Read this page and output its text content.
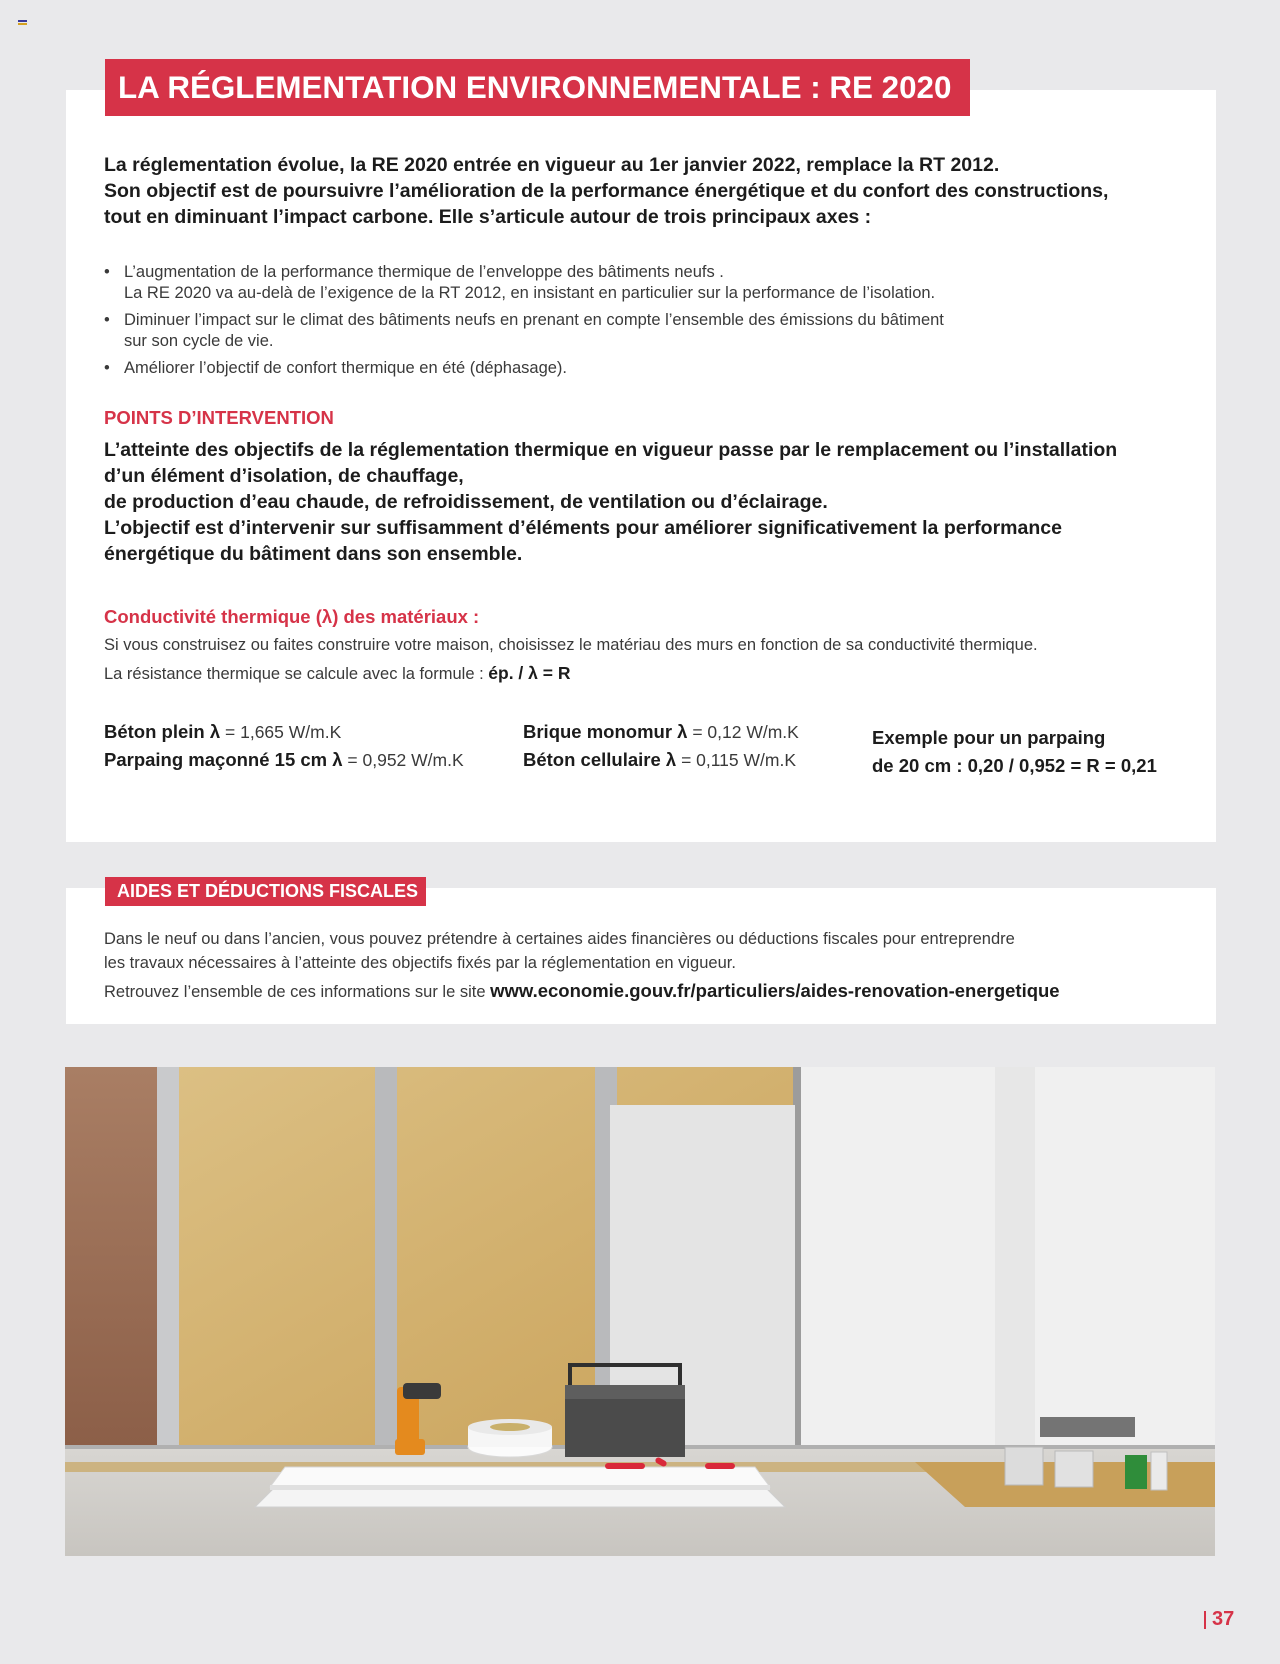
LA RÉGLEMENTATION ENVIRONNEMENTALE : RE 2020
La réglementation évolue, la RE 2020 entrée en vigueur au 1er janvier 2022, remplace la RT 2012.
Son objectif est de poursuivre l’amélioration de la performance énergétique et du confort des constructions,
tout en diminuant l’impact carbone. Elle s’articule autour de trois principaux axes :
• L’augmentation de la performance thermique de l’enveloppe des bâtiments neufs .
La RE 2020 va au-delà de l’exigence de la RT 2012, en insistant en particulier sur la performance de l’isolation.
• Diminuer l’impact sur le climat des bâtiments neufs en prenant en compte l’ensemble des émissions du bâtiment
sur son cycle de vie.
• Améliorer l’objectif de confort thermique en été (déphasage).
POINTS D’INTERVENTION
L’atteinte des objectifs de la réglementation thermique en vigueur passe par le remplacement ou l’installation
d’un élément d’isolation, de chauffage,
de production d’eau chaude, de refroidissement, de ventilation ou d’éclairage.
L’objectif est d’intervenir sur suffisamment d’éléments pour améliorer significativement la performance
énergétique du bâtiment dans son ensemble.
Conductivité thermique (λ) des matériaux :
Si vous construisez ou faites construire votre maison, choisissez le matériau des murs en fonction de sa conductivité thermique.
La résistance thermique se calcule avec la formule : ép. / λ = R
Béton plein λ = 1,665 W/m.K
Parpaing maçonné 15 cm λ = 0,952 W/m.K
Brique monomur λ = 0,12 W/m.K
Béton cellulaire λ = 0,115 W/m.K
Exemple pour un parpaing
de 20 cm : 0,20 / 0,952 = R = 0,21
AIDES ET DÉDUCTIONS FISCALES
Dans le neuf ou dans l’ancien, vous pouvez prétendre à certaines aides financières ou déductions fiscales pour entreprendre
les travaux nécessaires à l’atteinte des objectifs fixés par la réglementation en vigueur.
Retrouvez l’ensemble de ces informations sur le site www.economie.gouv.fr/particuliers/aides-renovation-energetique
37
